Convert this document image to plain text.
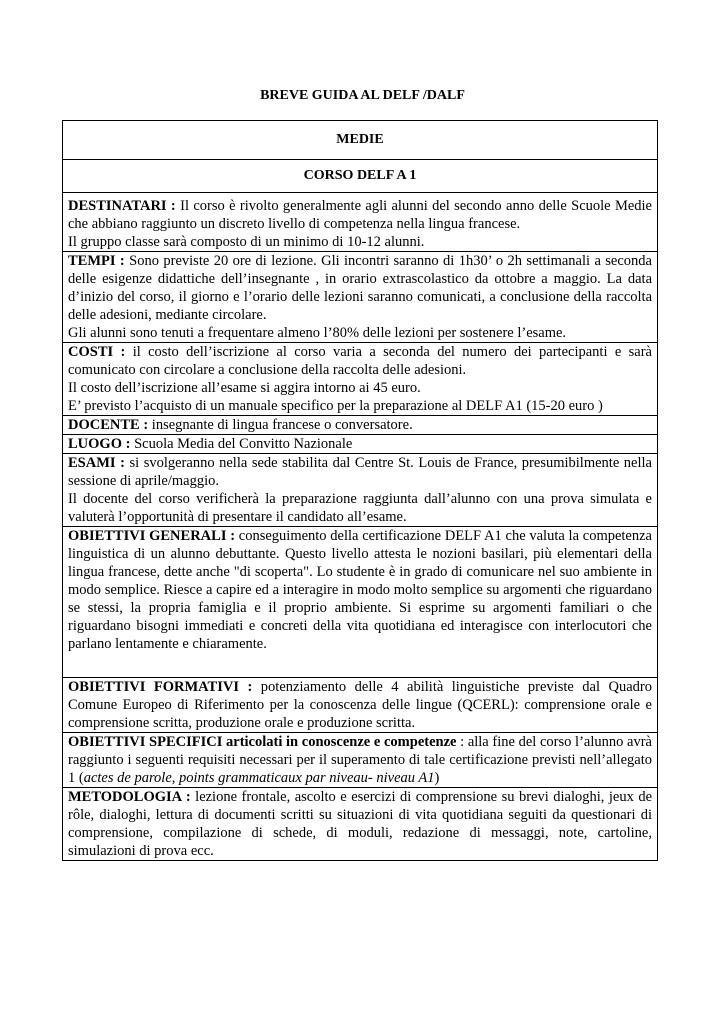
BREVE GUIDA AL DELF /DALF
MEDIE
CORSO DELF A 1

DESTINATARI : Il corso è rivolto generalmente agli alunni del secondo anno delle Scuole Medie che abbiano raggiunto un discreto livello di competenza nella lingua francese.

Il gruppo classe sarà composto di un minimo di 10-12 alunni.

TEMPI : Sono previste 20 ore di lezione. Gli incontri saranno di 1h30’ o 2h settimanali a seconda delle esigenze didattiche dell’insegnante , in orario extrascolastico da ottobre a maggio. La data d’inizio del corso, il giorno e l’orario delle lezioni saranno comunicati, a conclusione della raccolta delle adesioni, mediante circolare.

Gli alunni sono tenuti a frequentare almeno l’80% delle lezioni per sostenere l’esame.

COSTI : il costo dell’iscrizione al corso varia a seconda del numero dei partecipanti e sarà comunicato con circolare a conclusione della raccolta delle adesioni.

Il costo dell’iscrizione all’esame si aggira intorno ai 45 euro.

E’ previsto l’acquisto di un manuale specifico per la preparazione al DELF A1 (15-20 euro )

DOCENTE : insegnante di lingua francese o conversatore.

LUOGO : Scuola Media del Convitto Nazionale

ESAMI : si svolgeranno nella sede stabilita dal Centre St. Louis de France, presumibilmente nella sessione di aprile/maggio.

Il docente del corso verificherà la preparazione raggiunta dall’alunno con una prova simulata e valuterà l’opportunità di presentare il candidato all’esame.

OBIETTIVI GENERALI : conseguimento della certificazione DELF A1 che valuta la competenza linguistica di un alunno debuttante. Questo livello attesta le nozioni basilari, più elementari della lingua francese, dette anche "di scoperta". Lo studente è in grado di comunicare nel suo ambiente in modo semplice. Riesce a capire ed a interagire in modo molto semplice su argomenti che riguardano se stessi, la propria famiglia e il proprio ambiente. Si esprime su argomenti familiari o che riguardano bisogni immediati e concreti della vita quotidiana ed interagisce con interlocutori che parlano lentamente e chiaramente.

OBIETTIVI FORMATIVI : potenziamento delle 4 abilità linguistiche previste dal Quadro Comune Europeo di Riferimento per la conoscenza delle lingue (QCERL): comprensione orale e comprensione scritta, produzione orale e produzione scritta.

OBIETTIVI SPECIFICI articolati in conoscenze e competenze : alla fine del corso l’alunno avrà raggiunto i seguenti requisiti necessari per il superamento di tale certificazione previsti nell’allegato 1 (actes de parole, points grammaticaux par niveau- niveau A1)

METODOLOGIA : lezione frontale, ascolto e esercizi di comprensione su brevi dialoghi, jeux de rôle, dialoghi, lettura di documenti scritti su situazioni di vita quotidiana seguiti da questionari di comprensione, compilazione di schede, di moduli, redazione di messaggi, note, cartoline, simulazioni di prova ecc.
